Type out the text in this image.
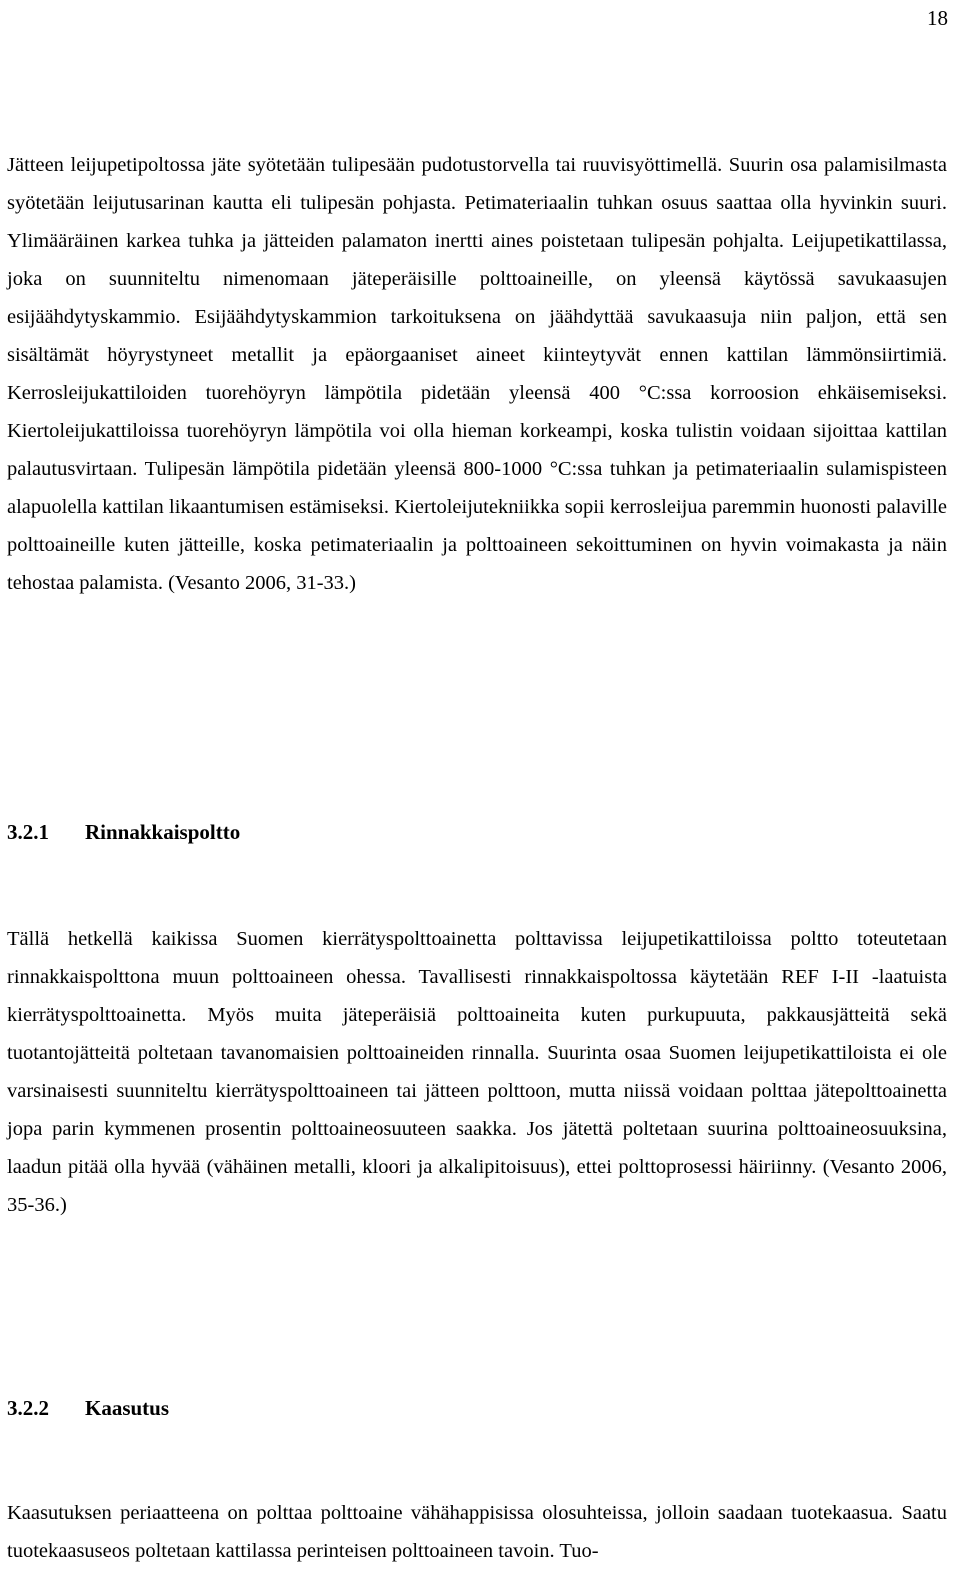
18

Jätteen leijupetipoltossa jäte syötetään tulipesään pudotustorvella tai ruuvisyöttimellä. Suurin osa palamisilmasta syötetään leijutusarinan kautta eli tulipesän pohjasta. Petimateriaalin tuhkan osuus saattaa olla hyvinkin suuri. Ylimääräinen karkea tuhka ja jätteiden palamaton inertti aines poistetaan tulipesän pohjalta. Leijupetikattilassa, joka on suunniteltu nimenomaan jäteperäisille polttoaineille, on yleensä käytössä savukaasujen esijäähdytyskammio. Esijäähdytyskammion tarkoituksena on jäähdyttää savukaasuja niin paljon, että sen sisältämät höyrystyneet metallit ja epäorgaaniset aineet kiinteytyvät ennen kattilan lämmönsiirtimiä. Kerrosleijukattiloiden tuorehöyryn lämpötila pidetään yleensä 400 °C:ssa korroosion ehkäisemiseksi. Kiertoleijukattiloissa tuorehöyryn lämpötila voi olla hieman korkeampi, koska tulistin voidaan sijoittaa kattilan palautusvirtaan. Tulipesän lämpötila pidetään yleensä 800-1000 °C:ssa tuhkan ja petimateriaalin sulamispisteen alapuolella kattilan likaantumisen estämiseksi. Kiertoleijutekniikka sopii kerrosleijua paremmin huonosti palaville polttoaineille kuten jätteille, koska petimateriaalin ja polttoaineen sekoittuminen on hyvin voimakasta ja näin tehostaa palamista. (Vesanto 2006, 31-33.)

3.2.1 Rinnakkaispoltto

Tällä hetkellä kaikissa Suomen kierrätyspolttoainetta polttavissa leijupetikattiloissa poltto toteutetaan rinnakkaispolttona muun polttoaineen ohessa. Tavallisesti rinnakkaispoltossa käytetään REF I-II -laatuista kierrätyspolttoainetta. Myös muita jäteperäisiä polttoaineita kuten purkupuuta, pakkausjätteitä sekä tuotantojätteitä poltetaan tavanomaisien polttoaineiden rinnalla. Suurinta osaa Suomen leijupetikattiloista ei ole varsinaisesti suunniteltu kierrätyspolttoaineen tai jätteen polttoon, mutta niissä voidaan polttaa jätepolttoainetta jopa parin kymmenen prosentin polttoaineosuuteen saakka. Jos jätettä poltetaan suurina polttoaineosuuksina, laadun pitää olla hyvää (vähäinen metalli, kloori ja alkalipitoisuus), ettei polttoprosessi häiriinny. (Vesanto 2006, 35-36.)

3.2.2 Kaasutus

Kaasutuksen periaatteena on polttaa polttoaine vähähappisissa olosuhteissa, jolloin saadaan tuotekaasua. Saatu tuotekaasuseos poltetaan kattilassa perinteisen polttoaineen tavoin. Tuo-
